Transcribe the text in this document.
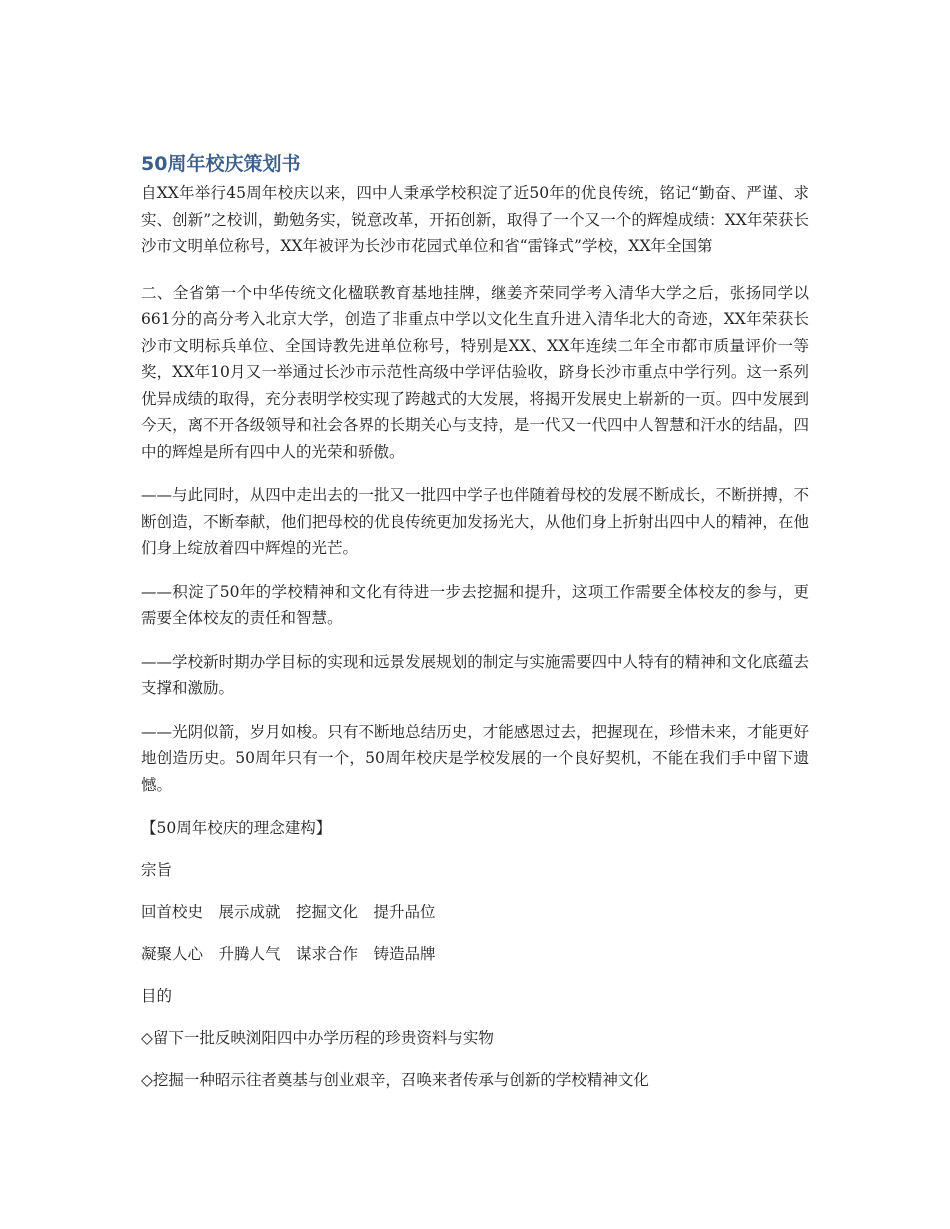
50周年校庆策划书

自XX年举行45周年校庆以来，四中人秉承学校积淀了近50年的优良传统，铭记“勤奋、严谨、求实、创新”之校训，勤勉务实，锐意改革，开拓创新，取得了一个又一个的辉煌成绩：XX年荣获长沙市文明单位称号，XX年被评为长沙市花园式单位和省“雷锋式”学校，XX年全国第

二、全省第一个中华传统文化楹联教育基地挂牌，继姜齐荣同学考入清华大学之后，张扬同学以661分的高分考入北京大学，创造了非重点中学以文化生直升进入清华北大的奇迹，XX年荣获长沙市文明标兵单位、全国诗教先进单位称号，特别是XX、XX年连续二年全市都市质量评价一等奖，XX年10月又一举通过长沙市示范性高级中学评估验收，跻身长沙市重点中学行列。这一系列优异成绩的取得，充分表明学校实现了跨越式的大发展，将揭开发展史上崭新的一页。四中发展到今天，离不开各级领导和社会各界的长期关心与支持，是一代又一代四中人智慧和汗水的结晶，四中的辉煌是所有四中人的光荣和骄傲。

——与此同时，从四中走出去的一批又一批四中学子也伴随着母校的发展不断成长，不断拼搏，不断创造，不断奉献，他们把母校的优良传统更加发扬光大，从他们身上折射出四中人的精神，在他们身上绽放着四中辉煌的光芒。

——积淀了50年的学校精神和文化有待进一步去挖掘和提升，这项工作需要全体校友的参与，更需要全体校友的责任和智慧。

——学校新时期办学目标的实现和远景发展规划的制定与实施需要四中人特有的精神和文化底蕴去支撑和激励。

——光阴似箭，岁月如梭。只有不断地总结历史，才能感恩过去，把握现在，珍惜未来，才能更好地创造历史。50周年只有一个，50周年校庆是学校发展的一个良好契机，不能在我们手中留下遗憾。

【50周年校庆的理念建构】

宗旨

回首校史　展示成就　挖掘文化　提升品位

凝聚人心　升腾人气　谋求合作　铸造品牌

目的

◇留下一批反映浏阳四中办学历程的珍贵资料与实物

◇挖掘一种昭示往者奠基与创业艰辛，召唤来者传承与创新的学校精神文化
